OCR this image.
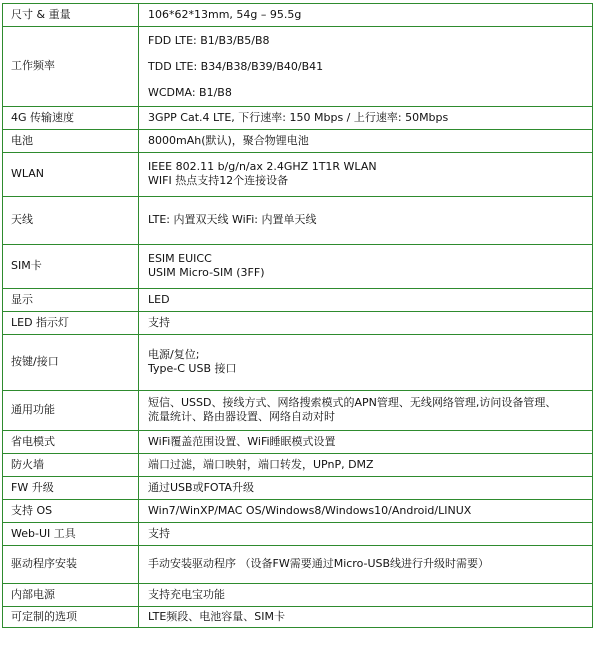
尺寸 & 重量	106*62*13mm, 54g – 95.5g

工作频率	FDD LTE: B1/B3/B5/B8
TDD LTE: B34/B38/B39/B40/B41
WCDMA: B1/B8

4G 传输速度	3GPP Cat.4 LTE, 下行速率: 150 Mbps / 上行速率: 50Mbps

电池	8000mAh(默认)，聚合物锂电池

WLAN	IEEE 802.11 b/g/n/ax 2.4GHZ 1T1R WLAN
WIFI 热点支持12个连接设备

天线	LTE: 内置双天线 WiFi: 内置单天线

SIM卡	ESIM EUICC
USIM Micro-SIM (3FF)

显示	LED

LED 指示灯	支持

按键/接口	电源/复位;
Type-C USB 接口

通用功能	短信、USSD、接线方式、网络搜索模式的APN管理、无线网络管理,访问设备管理、
流量统计、路由器设置、网络自动对时

省电模式	WiFi覆盖范围设置、WiFi睡眠模式设置

防火墙	端口过滤，端口映射，端口转发，UPnP, DMZ

FW 升级	通过USB或FOTA升级

支持 OS	Win7/WinXP/MAC OS/Windows8/Windows10/Android/LINUX

Web-UI 工具	支持

驱动程序安装	手动安装驱动程序 （设备FW需要通过Micro-USB线进行升级时需要）

内部电源	支持充电宝功能

可定制的选项	LTE频段、电池容量、SIM卡
